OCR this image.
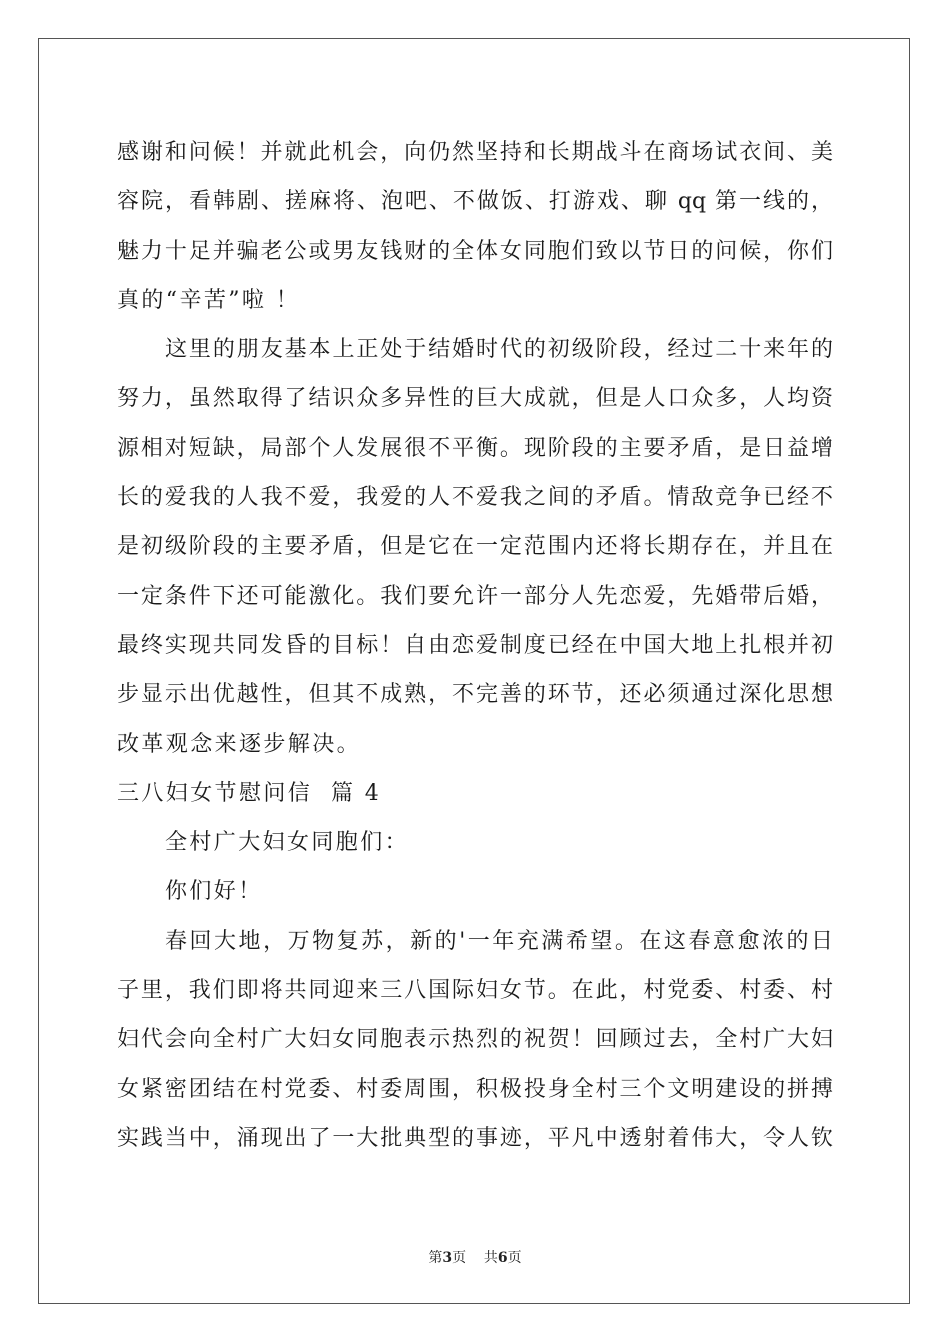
感谢和问候！并就此机会，向仍然坚持和长期战斗在商场试衣间、美
容院，看韩剧、搓麻将、泡吧、不做饭、打游戏、聊 qq 第一线的，
魅力十足并骗老公或男友钱财的全体女同胞们致以节日的问候，你们
真的“辛苦”啦 ！
这里的朋友基本上正处于结婚时代的初级阶段，经过二十来年的
努力，虽然取得了结识众多异性的巨大成就，但是人口众多，人均资
源相对短缺，局部个人发展很不平衡。现阶段的主要矛盾，是日益增
长的爱我的人我不爱，我爱的人不爱我之间的矛盾。情敌竞争已经不
是初级阶段的主要矛盾，但是它在一定范围内还将长期存在，并且在
一定条件下还可能激化。我们要允许一部分人先恋爱，先婚带后婚，
最终实现共同发昏的目标！自由恋爱制度已经在中国大地上扎根并初
步显示出优越性，但其不成熟，不完善的环节，还必须通过深化思想
改革观念来逐步解决。
三八妇女节慰问信  篇 4
全村广大妇女同胞们：
你们好！
春回大地，万物复苏，新的'一年充满希望。在这春意愈浓的日
子里，我们即将共同迎来三八国际妇女节。在此，村党委、村委、村
妇代会向全村广大妇女同胞表示热烈的祝贺！回顾过去，全村广大妇
女紧密团结在村党委、村委周围，积极投身全村三个文明建设的拼搏
实践当中，涌现出了一大批典型的事迹，平凡中透射着伟大，令人钦
第3页    共6页
